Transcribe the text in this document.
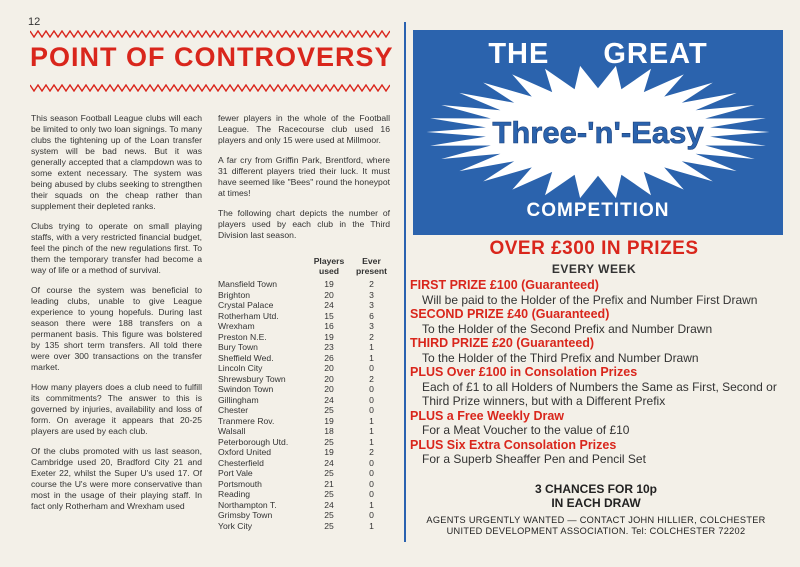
12
POINT OF CONTROVERSY

This season Football League clubs will each be limited to only two loan signings. To many clubs the tightening up of the Loan transfer system will be bad news. But it was generally accepted that a clampdown was to some extent necessary. The system was being abused by clubs seeking to strengthen their squads on the cheap rather than supplement their depleted ranks.

Clubs trying to operate on small playing staffs, with a very restricted financial budget, feel the pinch of the new regulations first. To them the temporary transfer had become a way of life or a method of survival.

Of course the system was beneficial to leading clubs, unable to give League experience to young hopefuls. During last season there were 188 transfers on a permanent basis. This figure was bolstered by 135 short term transfers. All told there were over 300 transactions on the transfer market.

How many players does a club need to fulfill its commitments? The answer to this is governed by injuries, availability and loss of form. On average it appears that 20-25 players are used by each club.

Of the clubs promoted with us last season, Cambridge used 20, Bradford City 21 and Exeter 22, whilst the Super U's used 17. Of course the U's were more conservative than most in the usage of their playing staff. In fact only Rotherham and Wrexham used

fewer players in the whole of the Football League. The Racecourse club used 16 players and only 15 were used at Millmoor.

A far cry from Griffin Park, Brentford, where 31 different players tried their luck. It must have seemed like "Bees" round the honeypot at times!

The following chart depicts the number of players used by each club in the Third Division last season.

Players
used
Ever
present
Mansfield Town	19	2
Brighton	20	3
Crystal Palace	24	3
Rotherham Utd.	15	6
Wrexham	16	3
Preston N.E.	19	2
Bury Town	23	1
Sheffield Wed.	26	1
Lincoln City	20	0
Shrewsbury Town	20	2
Swindon Town	20	0
Gillingham	24	0
Chester	25	0
Tranmere Rov.	19	1
Walsall	18	1
Peterborough Utd.	25	1
Oxford United	19	2
Chesterfield	24	0
Port Vale	25	0
Portsmouth	21	0
Reading	25	0
Northampton T.	24	1
Grimsby Town	25	0
York City	25	1
THE GREAT
Three-'n'-Easy
COMPETITION
OVER £300 IN PRIZES
EVERY WEEK
FIRST PRIZE £100 (Guaranteed)
Will be paid to the Holder of the Prefix and Number First Drawn
SECOND PRIZE £40 (Guaranteed)
To the Holder of the Second Prefix and Number Drawn
THIRD PRIZE £20 (Guaranteed)
To the Holder of the Third Prefix and Number Drawn
PLUS Over £100 in Consolation Prizes
Each of £1 to all Holders of Numbers the Same as First, Second or Third Prize winners, but with a Different Prefix
PLUS a Free Weekly Draw
For a Meat Voucher to the value of £10
PLUS Six Extra Consolation Prizes
For a Superb Sheaffer Pen and Pencil Set
3 CHANCES FOR 10p
IN EACH DRAW
AGENTS URGENTLY WANTED — CONTACT JOHN HILLIER, COLCHESTER
UNITED DEVELOPMENT ASSOCIATION. Tel: COLCHESTER 72202
